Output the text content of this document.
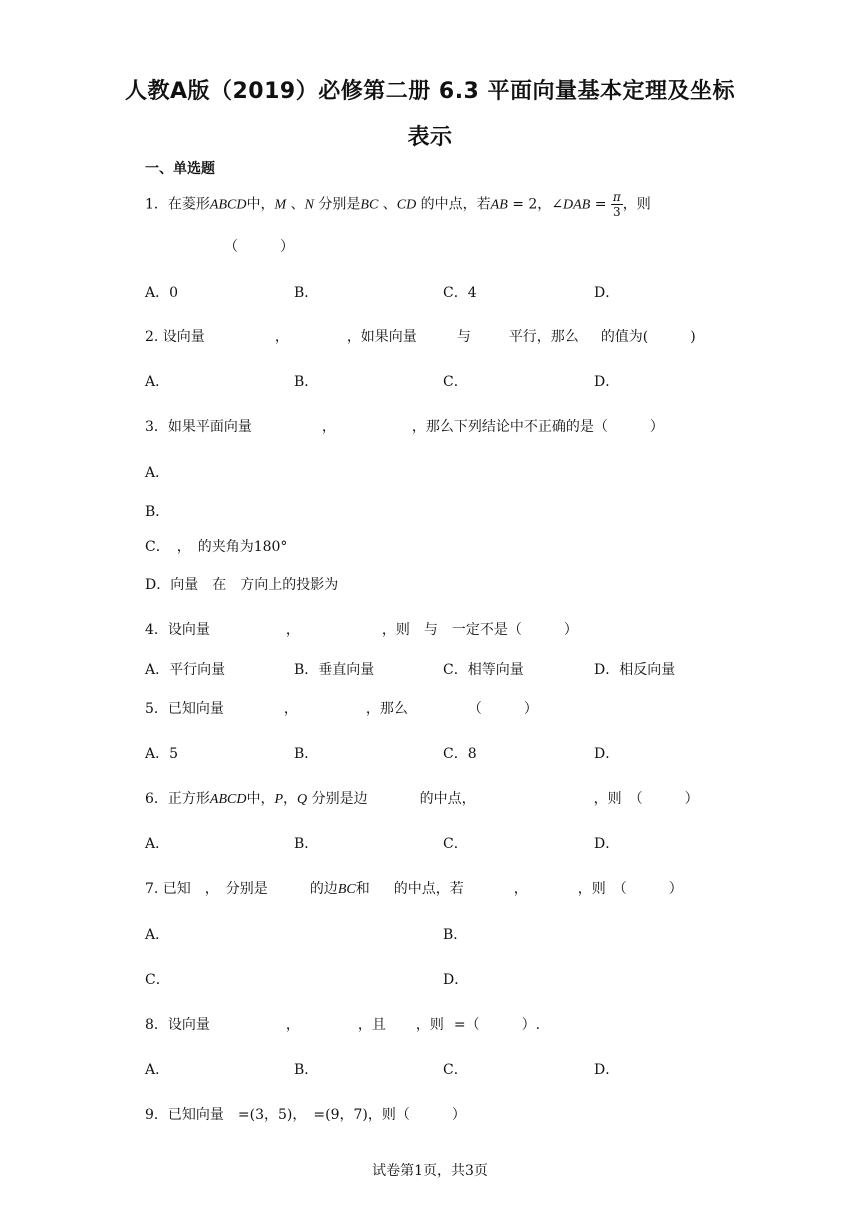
人教A版（2019）必修第二册 6.3 平面向量基本定理及坐标
表示
一、单选题
1．在菱形ABCD中，M 、N 分别是BC 、CD 的中点，若AB = 2，∠DAB = $\frac{\pi}{3}$ ，则
（　　　）
A．0	B．	C．4	D．
2. 设向量	，	，如果向量	与	平行，那么 的值为(　　　)
A．	B．	C．	D．
3．如果平面向量	，	，那么下列结论中不正确的是（　　　）
A．
B．
C．　，　的夹角为180°
D．向量　在　方向上的投影为
4．设向量	，	，则　与　一定不是（　　　）
A．平行向量	B．垂直向量	C．相等向量	D．相反向量
5．已知向量	，	，那么	（　　　）
A．5	B．	C．8	D．
6．正方形ABCD中，P，Q 分别是边	的中点，	，则　（　　　）
A．	B．	C．	D．
7. 已知　，　分别是	的边BC和 的中点，若	，	，则　（　　　）
A．	B．
C．	D．
8．设向量	，	，且 ，则 =（　　　）.
A．	B．	C．	D．
9．已知向量　=(3，5)，　=(9，7)，则（　　　）
试卷第1页，共3页
